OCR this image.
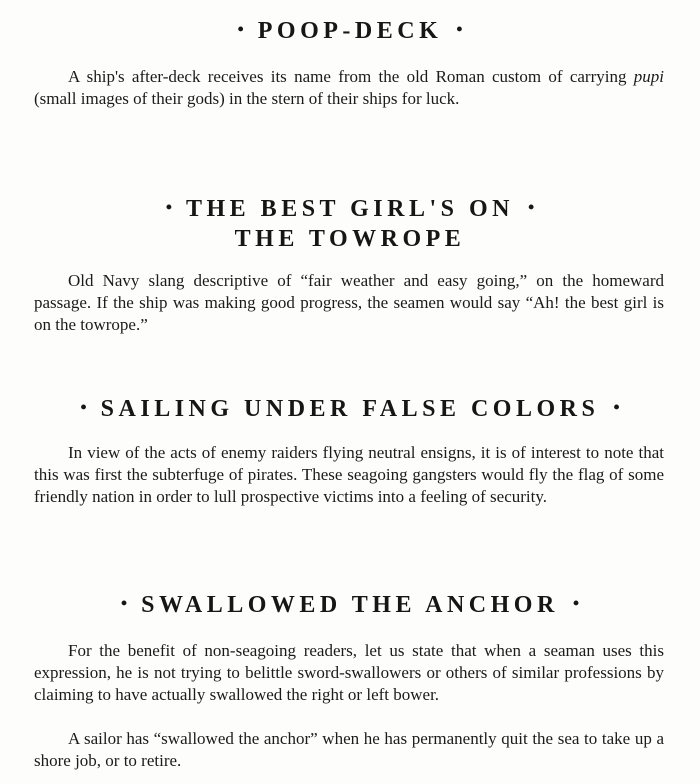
• POOP-DECK •

A ship's after-deck receives its name from the old Roman custom of carrying pupi (small images of their gods) in the stern of their ships for luck.

• THE BEST GIRL'S ON •
THE TOWROPE

Old Navy slang descriptive of “fair weather and easy going,” on the homeward passage. If the ship was making good progress, the seamen would say “Ah! the best girl is on the towrope.”

• SAILING UNDER FALSE COLORS •

In view of the acts of enemy raiders flying neutral ensigns, it is of interest to note that this was first the subterfuge of pirates. These seagoing gangsters would fly the flag of some friendly nation in order to lull prospective victims into a feeling of security.

• SWALLOWED THE ANCHOR •

For the benefit of non-seagoing readers, let us state that when a seaman uses this expression, he is not trying to belittle sword-swallowers or others of similar professions by claiming to have actually swallowed the right or left bower.

A sailor has “swallowed the anchor” when he has permanently quit the sea to take up a shore job, or to retire.
